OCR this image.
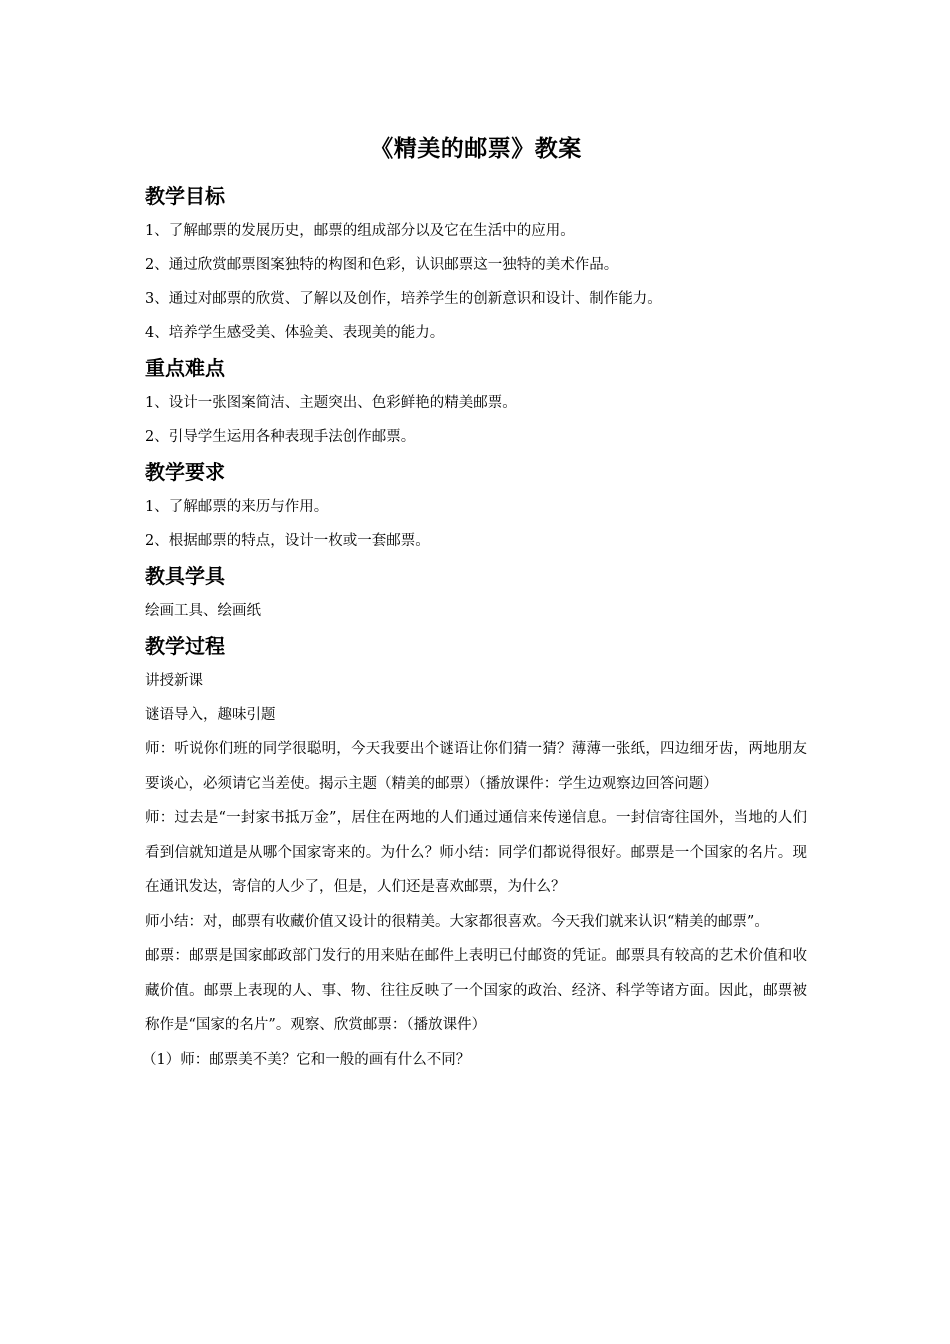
《精美的邮票》教案
教学目标

1、了解邮票的发展历史，邮票的组成部分以及它在生活中的应用。

2、通过欣赏邮票图案独特的构图和色彩，认识邮票这一独特的美术作品。

3、通过对邮票的欣赏、了解以及创作，培养学生的创新意识和设计、制作能力。

4、培养学生感受美、体验美、表现美的能力。

重点难点

1、设计一张图案简洁、主题突出、色彩鲜艳的精美邮票。

2、引导学生运用各种表现手法创作邮票。

教学要求

1、了解邮票的来历与作用。

2、根据邮票的特点，设计一枚或一套邮票。

教具学具

绘画工具、绘画纸

教学过程

讲授新课

谜语导入，趣味引题

师：听说你们班的同学很聪明，今天我要出个谜语让你们猜一猜？薄薄一张纸，四边细牙齿，两地朋友要谈心，必须请它当差使。揭示主题（精美的邮票）（播放课件：学生边观察边回答问题）

师：过去是“一封家书抵万金”，居住在两地的人们通过通信来传递信息。一封信寄往国外，当地的人们看到信就知道是从哪个国家寄来的。为什么？师小结：同学们都说得很好。邮票是一个国家的名片。现在通讯发达，寄信的人少了，但是，人们还是喜欢邮票，为什么？

师小结：对，邮票有收藏价值又设计的很精美。大家都很喜欢。今天我们就来认识“精美的邮票”。

邮票：邮票是国家邮政部门发行的用来贴在邮件上表明已付邮资的凭证。邮票具有较高的艺术价值和收藏价值。邮票上表现的人、事、物、往往反映了一个国家的政治、经济、科学等诸方面。因此，邮票被称作是“国家的名片”。观察、欣赏邮票：（播放课件）

（1）师：邮票美不美？它和一般的画有什么不同？
